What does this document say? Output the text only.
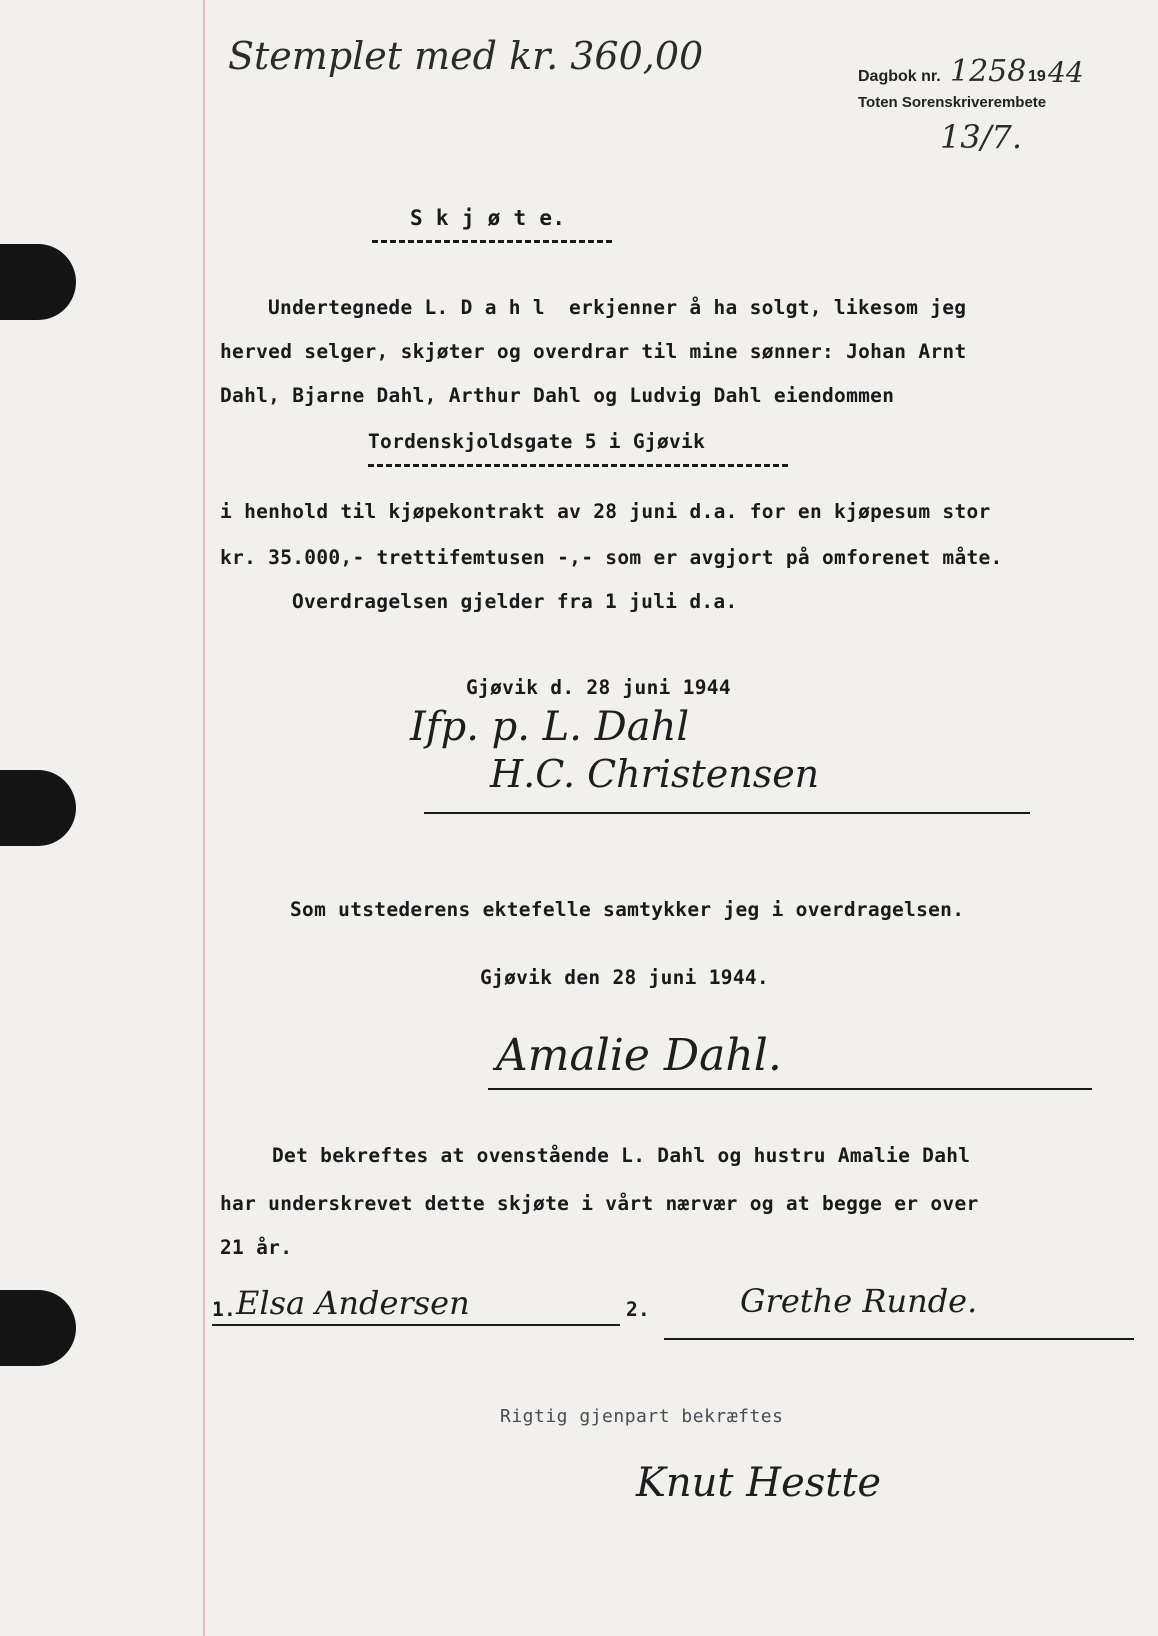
Stemplet med kr. 360,00	Dagbok nr. 1258 19 44
Toten Sorenskriverembete
13/7.
S k j ø t e.
Undertegnede L. D a h l  erkjenner å ha solgt, likesom jeg
herved selger, skjøter og overdrar til mine sønner: Johan Arnt
Dahl, Bjarne Dahl, Arthur Dahl og Ludvig Dahl eiendommen
Tordenskjoldsgate 5 i Gjøvik
i henhold til kjøpekontrakt av 28 juni d.a. for en kjøpesum stor
kr. 35.000,- trettifemtusen -,- som er avgjort på omforenet måte.
Overdragelsen gjelder fra 1 juli d.a.
Gjøvik d. 28 juni 1944
Ifp. p. L. Dahl
H.C. Christensen
Som utstederens ektefelle samtykker jeg i overdragelsen.
Gjøvik den 28 juni 1944.
Amalie Dahl.
Det bekreftes at ovenstående L. Dahl og hustru Amalie Dahl
har underskrevet dette skjøte i vårt nærvær og at begge er over
21 år.
1. Elsa Andersen	2.	Grethe Runde.
Rigtig gjenpart bekræftes
Knut Hestte
